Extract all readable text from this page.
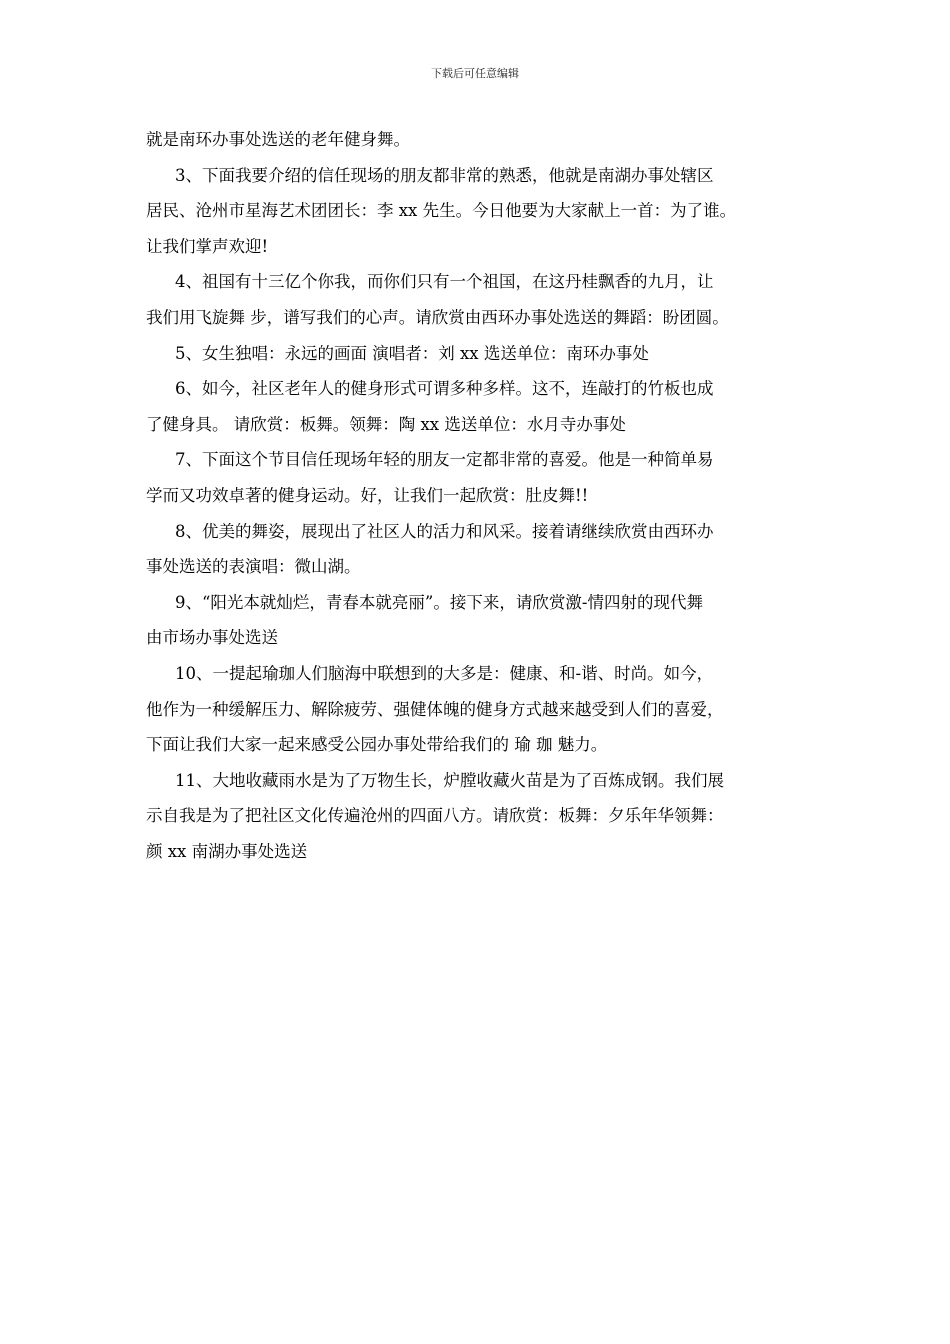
下载后可任意编辑

就是南环办事处选送的老年健身舞。

3、下面我要介绍的信任现场的朋友都非常的熟悉，他就是南湖办事处辖区

居民、沧州市星海艺术团团长：李 xx 先生。今日他要为大家献上一首：为了谁。

让我们掌声欢迎!

4、祖国有十三亿个你我，而你们只有一个祖国，在这丹桂飘香的九月，让

我们用飞旋舞 步，谱写我们的心声。请欣赏由西环办事处选送的舞蹈：盼团圆。

5、女生独唱：永远的画面 演唱者：刘 xx 选送单位：南环办事处

6、如今，社区老年人的健身形式可谓多种多样。这不，连敲打的竹板也成

了健身具。 请欣赏：板舞。领舞：陶 xx 选送单位：水月寺办事处

7、下面这个节目信任现场年轻的朋友一定都非常的喜爱。他是一种简单易

学而又功效卓著的健身运动。好，让我们一起欣赏：肚皮舞!!

8、优美的舞姿，展现出了社区人的活力和风采。接着请继续欣赏由西环办

事处选送的表演唱：微山湖。

9、“阳光本就灿烂，青春本就亮丽”。接下来，请欣赏激-情四射的现代舞

由市场办事处选送

10、一提起瑜珈人们脑海中联想到的大多是：健康、和-谐、时尚。如今，

他作为一种缓解压力、解除疲劳、强健体魄的健身方式越来越受到人们的喜爱，

下面让我们大家一起来感受公园办事处带给我们的 瑜 珈 魅力。

11、大地收藏雨水是为了万物生长，炉膛收藏火苗是为了百炼成钢。我们展

示自我是为了把社区文化传遍沧州的四面八方。请欣赏：板舞：夕乐年华领舞：

颜 xx 南湖办事处选送
